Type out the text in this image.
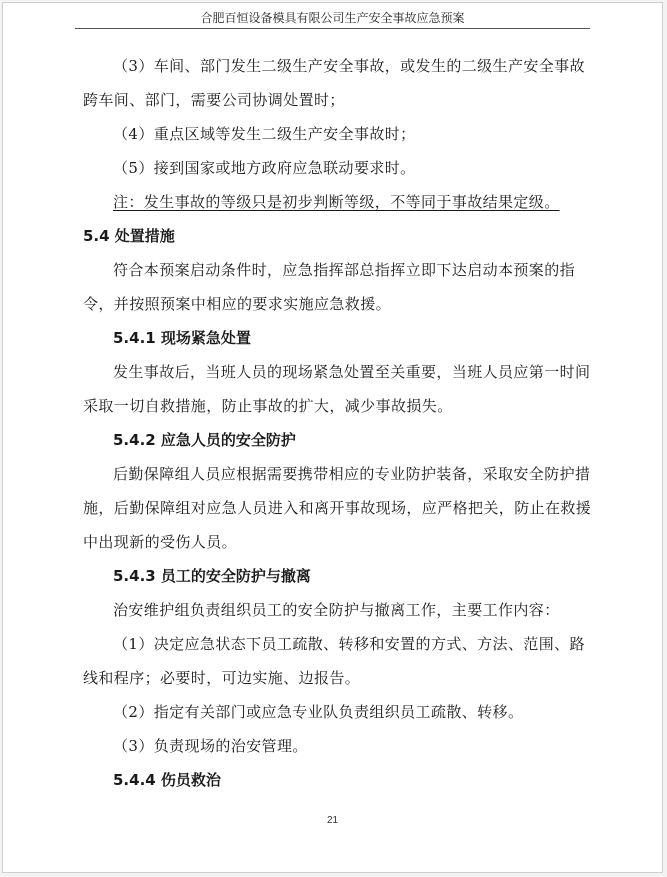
合肥百恒设备模具有限公司生产安全事故应急预案

（3）车间、部门发生二级生产安全事故，或发生的二级生产安全事故

跨车间、部门，需要公司协调处置时；

（4）重点区域等发生二级生产安全事故时；

（5）接到国家或地方政府应急联动要求时。

注：发生事故的等级只是初步判断等级，不等同于事故结果定级。

5.4 处置措施

符合本预案启动条件时，应急指挥部总指挥立即下达启动本预案的指

令，并按照预案中相应的要求实施应急救援。

5.4.1 现场紧急处置

发生事故后，当班人员的现场紧急处置至关重要，当班人员应第一时间

采取一切自救措施，防止事故的扩大，减少事故损失。

5.4.2 应急人员的安全防护

后勤保障组人员应根据需要携带相应的专业防护装备，采取安全防护措

施，后勤保障组对应急人员进入和离开事故现场，应严格把关，防止在救援

中出现新的受伤人员。

5.4.3 员工的安全防护与撤离

治安维护组负责组织员工的安全防护与撤离工作，主要工作内容：

（1）决定应急状态下员工疏散、转移和安置的方式、方法、范围、路

线和程序；必要时，可边实施、边报告。

（2）指定有关部门或应急专业队负责组织员工疏散、转移。

（3）负责现场的治安管理。

5.4.4 伤员救治

21
